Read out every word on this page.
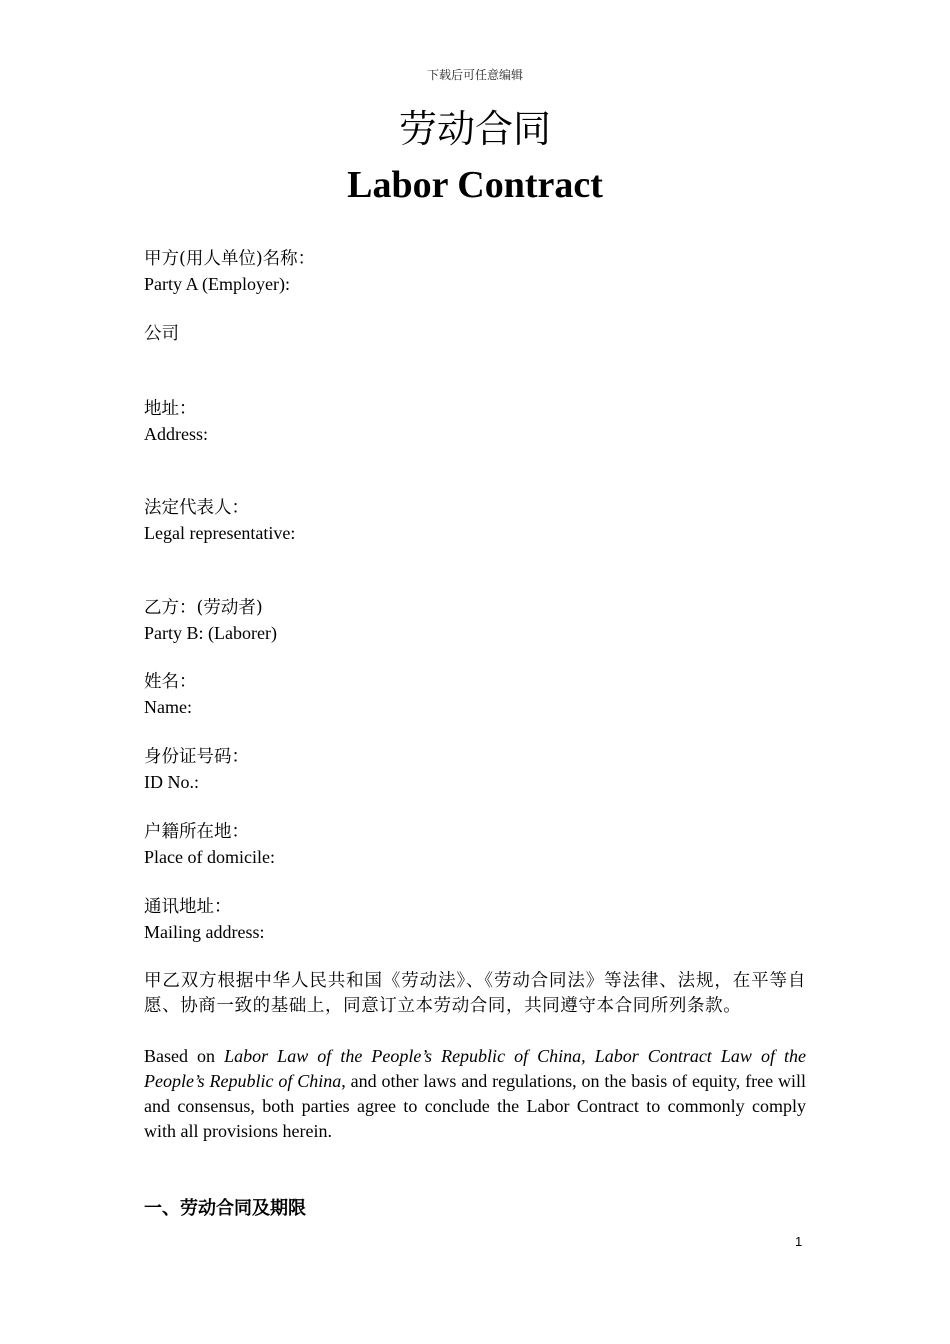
下载后可任意编辑
劳动合同
Labor Contract
甲方(用人单位)名称：
Party A (Employer):
公司
地址：
Address:
法定代表人：
Legal representative:
乙方：(劳动者)
Party B: (Laborer)
姓名：
Name:
身份证号码：
ID No.:
户籍所在地：
Place of domicile:
通讯地址：
Mailing address:
甲乙双方根据中华人民共和国《劳动法》、《劳动合同法》等法律、法规，在平等自愿、协商一致的基础上，同意订立本劳动合同，共同遵守本合同所列条款。
Based on Labor Law of the People’s Republic of China, Labor Contract Law of the People’s Republic of China, and other laws and regulations, on the basis of equity, free will and consensus, both parties agree to conclude the Labor Contract to commonly comply with all provisions herein.
一、劳动合同及期限
1
